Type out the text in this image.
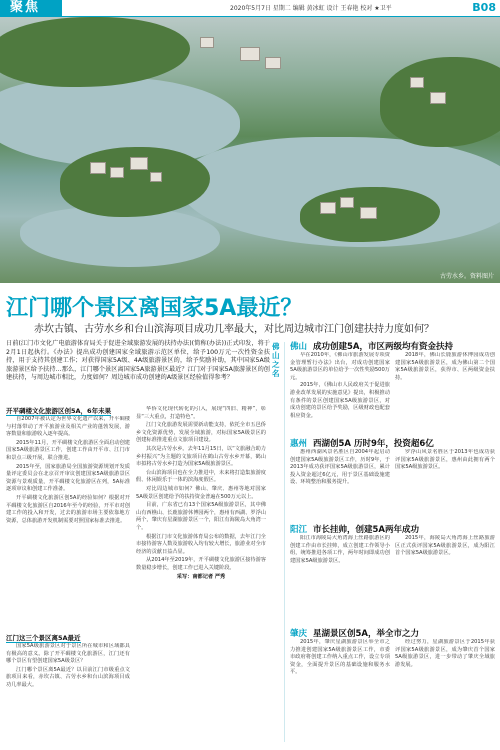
聚焦	2020年5月7日 星期二 编辑 黄冰虹 设计 王春艳 校对 ★卫平	B08
古劳水乡。资料图片
江门哪个景区离国家5A最近？
赤坎古镇、古劳水乡和台山滨海项目成功几率最大，对比周边城市江门创建扶持力度如何？
日前(江门市文化广电旅游体育局关于促进全域旅游发展的扶持办法)(简称(办法))正式印发，将于2月1日起执行。《办法》提出成功创建国家全域旅游示范区单位，给予100万元一次性资金扶持，用于支持其创建工作；对获得国家5A级、4A级旅游景区的，给予奖励补助，其中国家5A级旅游景区给予扶持…那么，江门哪个景区离国家5A旅游景区最近？江门对于国家5A旅游景区的创建扶持，与周边城市相比，力度如何？周边城市成功创建的A级景区经验值得参考？
开平碉楼文化旅游区创5A，6年未果

自2007年被认定为世界文化遗产以来，开平碉楼与村落带动了开平旅游业及相关产业的蓬勃发展，游客数量和旅游收入逐年提高。

2015年11月，开平碉楼文化旅游区全面启动创建国家5A级旅游景区工作，创建工作由开平市、江门市和景点三级开展，联合推进。

2015年至，国家旅游局全国旅游资源规划开发质量评定委员会在北京召开审议创建国家5A级旅游景区资源与景观质量，开平碉楼文化旅游区在列，5A标准逐项审议和创建工作准备。

开平碉楼文化旅游区创5A的经验如何？根据对开平碉楼文化旅游区自2016年至今的经验，开平市对创建工作的投入和开发，过去的旅游市场主要依靠地方资源，总体旅游开发机制需要对照国家标准去推进。

江门这三个景区离5A最近

国家5A级旅游景区对于景区所在城市和区域都具有极高的意义。除了开平碉楼文化旅游区，江门还有哪个景区有望创建国家5A级景区？

江门哪个景区离5A最近？以目前江门市级重点文旅项目来看，赤坎古镇、古劳水乡和台山滨海项目成功几率最大。

华侨文化现代转化的引入，展现“四旧、精神”，彰显“三大重点，打造特色”。

江门文化旅游发展需要新动能支持，依托全市五邑侨乡文化资源优势，发展全域旅游，对标国家5A级景区的创建标准推进重点文旅项目建设。

其次是古劳水乡。去年11月15日，以“文旅融合助力乡村振兴”为主题的文旅项目在鹤山古劳水乡开幕，鹤山市拟将古劳水乡打造为国家5A级旅游景区。

台山滨海项目也在全力推进中，未来将打造集旅游度假、休闲娱乐于一体的滨海度假区。

对比周边城市如何？佛山、肇庆、惠州等地对国家5A级景区创建给予的扶持资金普遍在500万元以上。

目前，广东省已有13个国家5A级旅游景区，其中佛山有西樵山、长鹿旅游休博园两个，惠州有西湖、罗浮山两个，肇庆有星湖旅游景区一个，阳江有海陵岛大角湾一个。

根据江门市文化旅游体育局公布的数据，去年江门全市接待游客人数及旅游收入均有较大增长，旅游业对全市经济的贡献日益凸显。

从2014年至2019年，开平碉楼文化旅游区接待游客数量稳步增长，创建工作已进入关键阶段。

采写：南都记者 严秀
佛山之名
佛山 成功创建5A，市区两级均有资金扶持

早在2010年，《佛山市旅游发展专项资金管理暂行办法》出台，对成功创建国家5A级旅游景区的单位给予一次性奖励500万元。

2015年，《佛山市人民政府关于促进旅游业改革发展的实施意见》提出，积极推动有条件的景区创建国家5A级旅游景区，对成功创建的景区给予奖励，区级财政也配套相应资金。

2018年，佛山长鹿旅游休博园成功创建国家5A级旅游景区，成为佛山第二个国家5A级旅游景区，获得市、区两级资金扶持。

惠州 西湖创5A 历时9年，投资超6亿

惠州西湖风景名胜区自2004年起启动创建国家5A级旅游景区工作，历时9年，于2013年成功获评国家5A级旅游景区，累计投入资金超过6亿元，用于景区基础设施建设、环境整治和服务提升。

罗浮山风景名胜区于2013年也成功获评国家5A级旅游景区，惠州由此拥有两个国家5A级旅游景区。

阳江 市长挂帅，创建5A两年成功

阳江市海陵岛大角湾海上丝路旅游区的创建工作由市长挂帅，成立创建工作领导小组，统筹推进各项工作，两年时间即成功创建国家5A级旅游景区。

2015年，海陵岛大角湾海上丝路旅游区正式获评国家5A级旅游景区，成为阳江首个国家5A级旅游景区。

肇庆 星湖景区创5A，举全市之力

2015年，肇庆星湖旅游景区举全市之力推进创建国家5A级旅游景区工作，市委市政府将创建工作纳入重点工作，设立专项资金，全面提升景区的基础设施和服务水平。

经过努力，星湖旅游景区于2015年获评国家5A级旅游景区，成为肇庆首个国家5A级旅游景区，进一步带动了肇庆全域旅游发展。
